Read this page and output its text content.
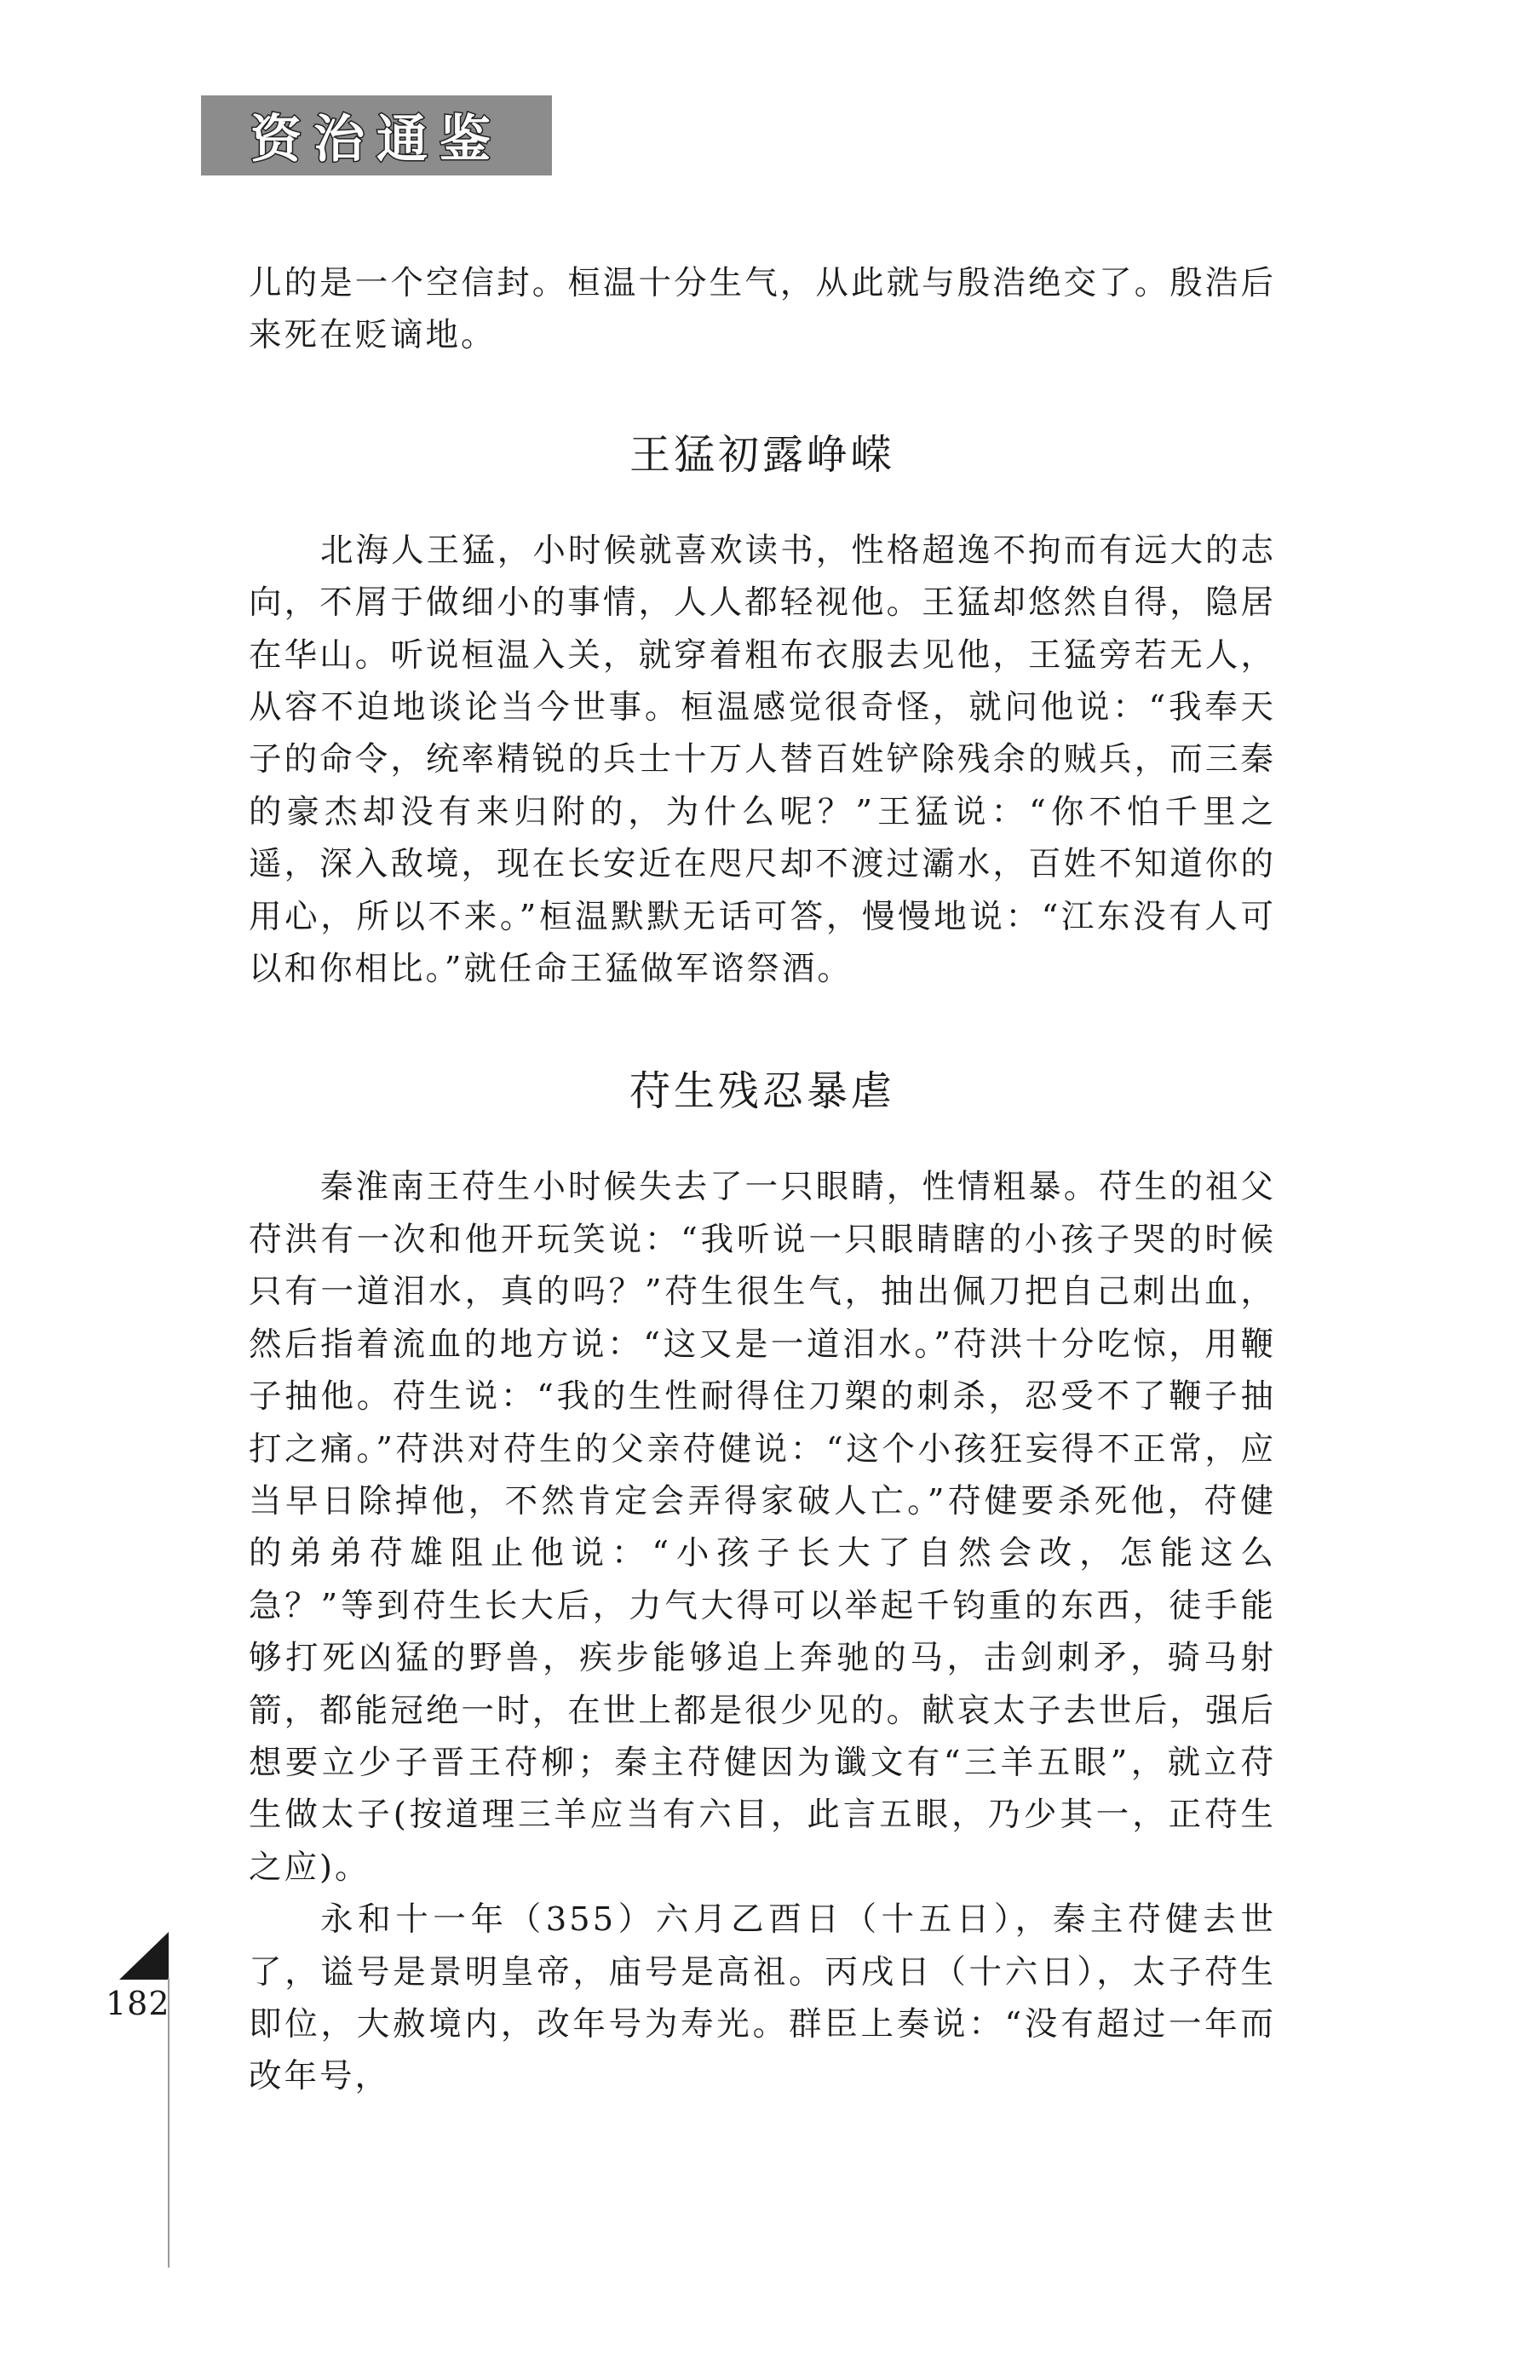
资治通鉴

儿的是一个空信封。桓温十分生气，从此就与殷浩绝交了。殷浩后来死在贬谪地。

王猛初露峥嵘

北海人王猛，小时候就喜欢读书，性格超逸不拘而有远大的志向，不屑于做细小的事情，人人都轻视他。王猛却悠然自得，隐居在华山。听说桓温入关，就穿着粗布衣服去见他，王猛旁若无人，从容不迫地谈论当今世事。桓温感觉很奇怪，就问他说：“我奉天子的命令，统率精锐的兵士十万人替百姓铲除残余的贼兵，而三秦的豪杰却没有来归附的，为什么呢？”王猛说：“你不怕千里之遥，深入敌境，现在长安近在咫尺却不渡过灞水，百姓不知道你的用心，所以不来。”桓温默默无话可答，慢慢地说：“江东没有人可以和你相比。”就任命王猛做军谘祭酒。

苻生残忍暴虐

秦淮南王苻生小时候失去了一只眼睛，性情粗暴。苻生的祖父苻洪有一次和他开玩笑说：“我听说一只眼睛瞎的小孩子哭的时候只有一道泪水，真的吗？”苻生很生气，抽出佩刀把自己刺出血，然后指着流血的地方说：“这又是一道泪水。”苻洪十分吃惊，用鞭子抽他。苻生说：“我的生性耐得住刀槊的刺杀，忍受不了鞭子抽打之痛。”苻洪对苻生的父亲苻健说：“这个小孩狂妄得不正常，应当早日除掉他，不然肯定会弄得家破人亡。”苻健要杀死他，苻健的弟弟苻雄阻止他说：“小孩子长大了自然会改，怎能这么急？”等到苻生长大后，力气大得可以举起千钧重的东西，徒手能够打死凶猛的野兽，疾步能够追上奔驰的马，击剑刺矛，骑马射箭，都能冠绝一时，在世上都是很少见的。献哀太子去世后，强后想要立少子晋王苻柳；秦主苻健因为谶文有“三羊五眼”，就立苻生做太子(按道理三羊应当有六目，此言五眼，乃少其一，正苻生之应)。

永和十一年（355）六月乙酉日（十五日），秦主苻健去世了，谥号是景明皇帝，庙号是高祖。丙戌日（十六日），太子苻生即位，大赦境内，改年号为寿光。群臣上奏说：“没有超过一年而改年号，

182
